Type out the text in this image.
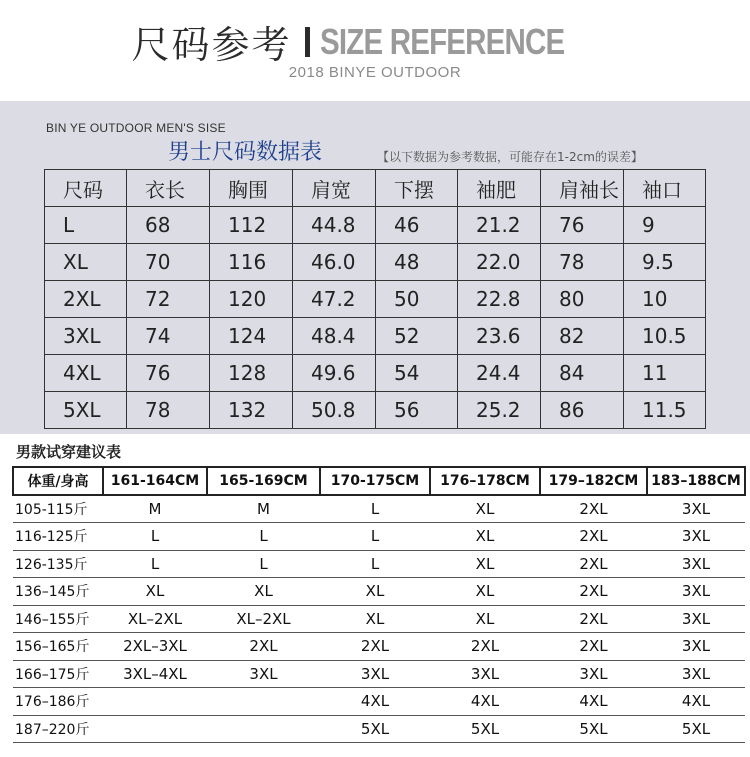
尺码参考 SIZE REFERENCE
2018 BINYE OUTDOOR
BIN YE OUTDOOR MEN'S SISE
男士尺码数据表	【以下数据为参考数据，可能存在1-2cm的误差】
尺码	衣长	胸围	肩宽	下摆	袖肥	肩袖长	袖口
L	68	112	44.8	46	21.2	76	9
XL	70	116	46.0	48	22.0	78	9.5
2XL	72	120	47.2	50	22.8	80	10
3XL	74	124	48.4	52	23.6	82	10.5
4XL	76	128	49.6	54	24.4	84	11
5XL	78	132	50.8	56	25.2	86	11.5
男款试穿建议表
体重/身高	161-164CM	165-169CM	170-175CM	176–178CM	179–182CM	183–188CM
105-115斤	M	M	L	XL	2XL	3XL
116-125斤	L	L	L	XL	2XL	3XL
126-135斤	L	L	L	XL	2XL	3XL
136–145斤	XL	XL	XL	XL	2XL	3XL
146–155斤	XL–2XL	XL–2XL	XL	XL	2XL	3XL
156–165斤	2XL–3XL	2XL	2XL	2XL	2XL	3XL
166–175斤	3XL–4XL	3XL	3XL	3XL	3XL	3XL
176–186斤			4XL	4XL	4XL	4XL
187–220斤			5XL	5XL	5XL	5XL
